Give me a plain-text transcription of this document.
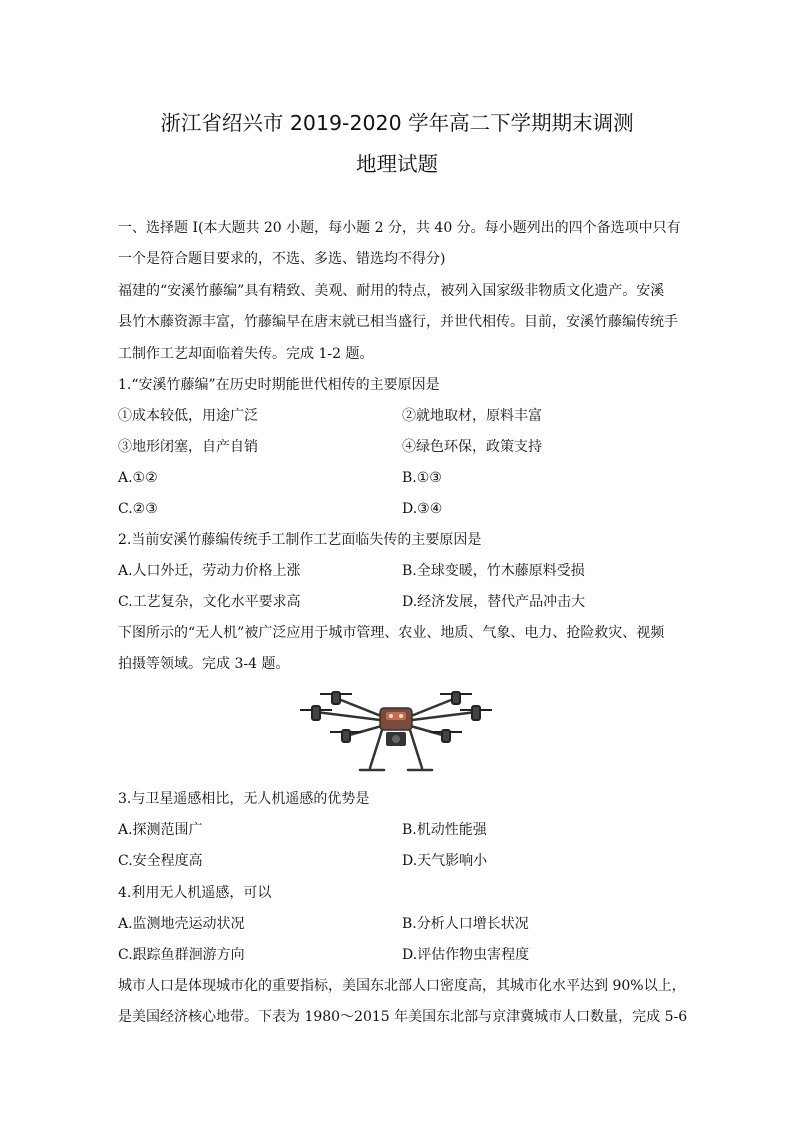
浙江省绍兴市 2019-2020 学年高二下学期期末调测
地理试题
一、选择题 I(本大题共 20 小题，每小题 2 分，共 40 分。每小题列出的四个备选项中只有
一个是符合题目要求的，不选、多选、错选均不得分)
福建的“安溪竹藤编”具有精致、美观、耐用的特点，被列入国家级非物质文化遗产。安溪
县竹木藤资源丰富，竹藤编早在唐末就已相当盛行，并世代相传。目前，安溪竹藤编传统手
工制作工艺却面临着失传。完成 1-2 题。
1.“安溪竹藤编”在历史时期能世代相传的主要原因是
①成本较低，用途广泛	②就地取材，原料丰富
③地形闭塞，自产自销	④绿色环保，政策支持
A.①②	B.①③
C.②③	D.③④
2.当前安溪竹藤编传统手工制作工艺面临失传的主要原因是
A.人口外迁，劳动力价格上涨	B.全球变暖，竹木藤原料受损
C.工艺复杂，文化水平要求高	D.经济发展，替代产品冲击大
下图所示的“无人机”被广泛应用于城市管理、农业、地质、气象、电力、抢险救灾、视频
拍摄等领域。完成 3-4 题。
3.与卫星遥感相比，无人机遥感的优势是
A.探测范围广	B.机动性能强
C.安全程度高	D.天气影响小
4.利用无人机遥感，可以
A.监测地壳运动状况	B.分析人口增长状况
C.跟踪鱼群洄游方向	D.评估作物虫害程度
城市人口是体现城市化的重要指标，美国东北部人口密度高，其城市化水平达到 90%以上，
是美国经济核心地带。下表为 1980～2015 年美国东北部与京津冀城市人口数量，完成 5-6
